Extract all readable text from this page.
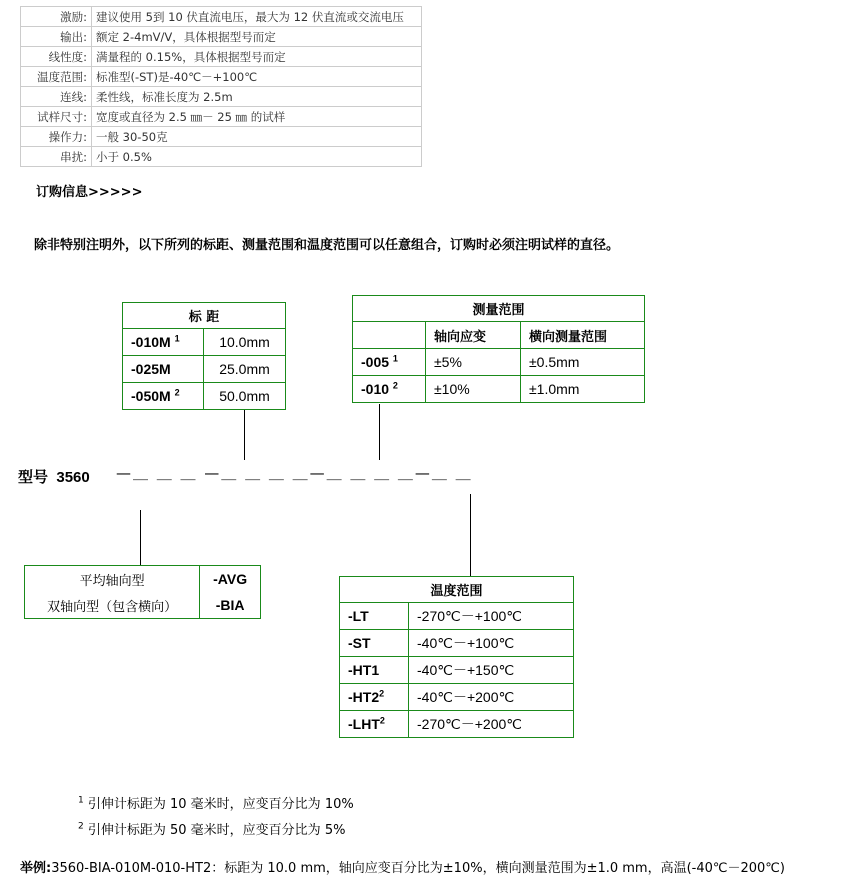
激励:	建议使用 5到 10 伏直流电压，最大为 12 伏直流或交流电压
输出:	额定 2-4mV/V，具体根据型号而定
线性度:	满量程的 0.15%，具体根据型号而定
温度范围:	标准型(-ST)是-40℃－+100℃
连线:	柔性线，标准长度为 2.5m
试样尺寸:	宽度或直径为 2.5 ㎜－ 25 ㎜ 的试样
操作力:	一般 30-50克
串扰:	小于 0.5%
订购信息>>>>>
除非特别注明外，以下所列的标距、测量范围和温度范围可以任意组合，订购时必须注明试样的直径。
标 距	
-010M $^1$	10.0mm
-025M	25.0mm
-050M $^2$	50.0mm
测量范围		
	轴向应变	横向测量范围
-005 $^1$	±5%	±0.5mm
-010 $^2$	±10%	±1.0mm
型号 3560 —＿ ＿ ＿ —＿ ＿ ＿ ＿—＿ ＿ ＿ ＿—＿ ＿
平均轴向型	-AVG
双轴向型（包含横向）	-BIA
温度范围	
-LT	-270℃－+100℃
-ST	-40℃－+100℃
-HT1	-40℃－+150℃
$-HT2^2$	-40℃－+200℃
-LHT$^2$	-270℃－+200℃
$^1$ 引伸计标距为 10 毫米时，应变百分比为 10%
$^2$ 引伸计标距为 50 毫米时，应变百分比为 5%
举例:3560-BIA-010M-010-HT2：标距为 10.0 mm，轴向应变百分比为±10%，横向测量范围为±1.0 mm，高温(-40℃－200℃)
